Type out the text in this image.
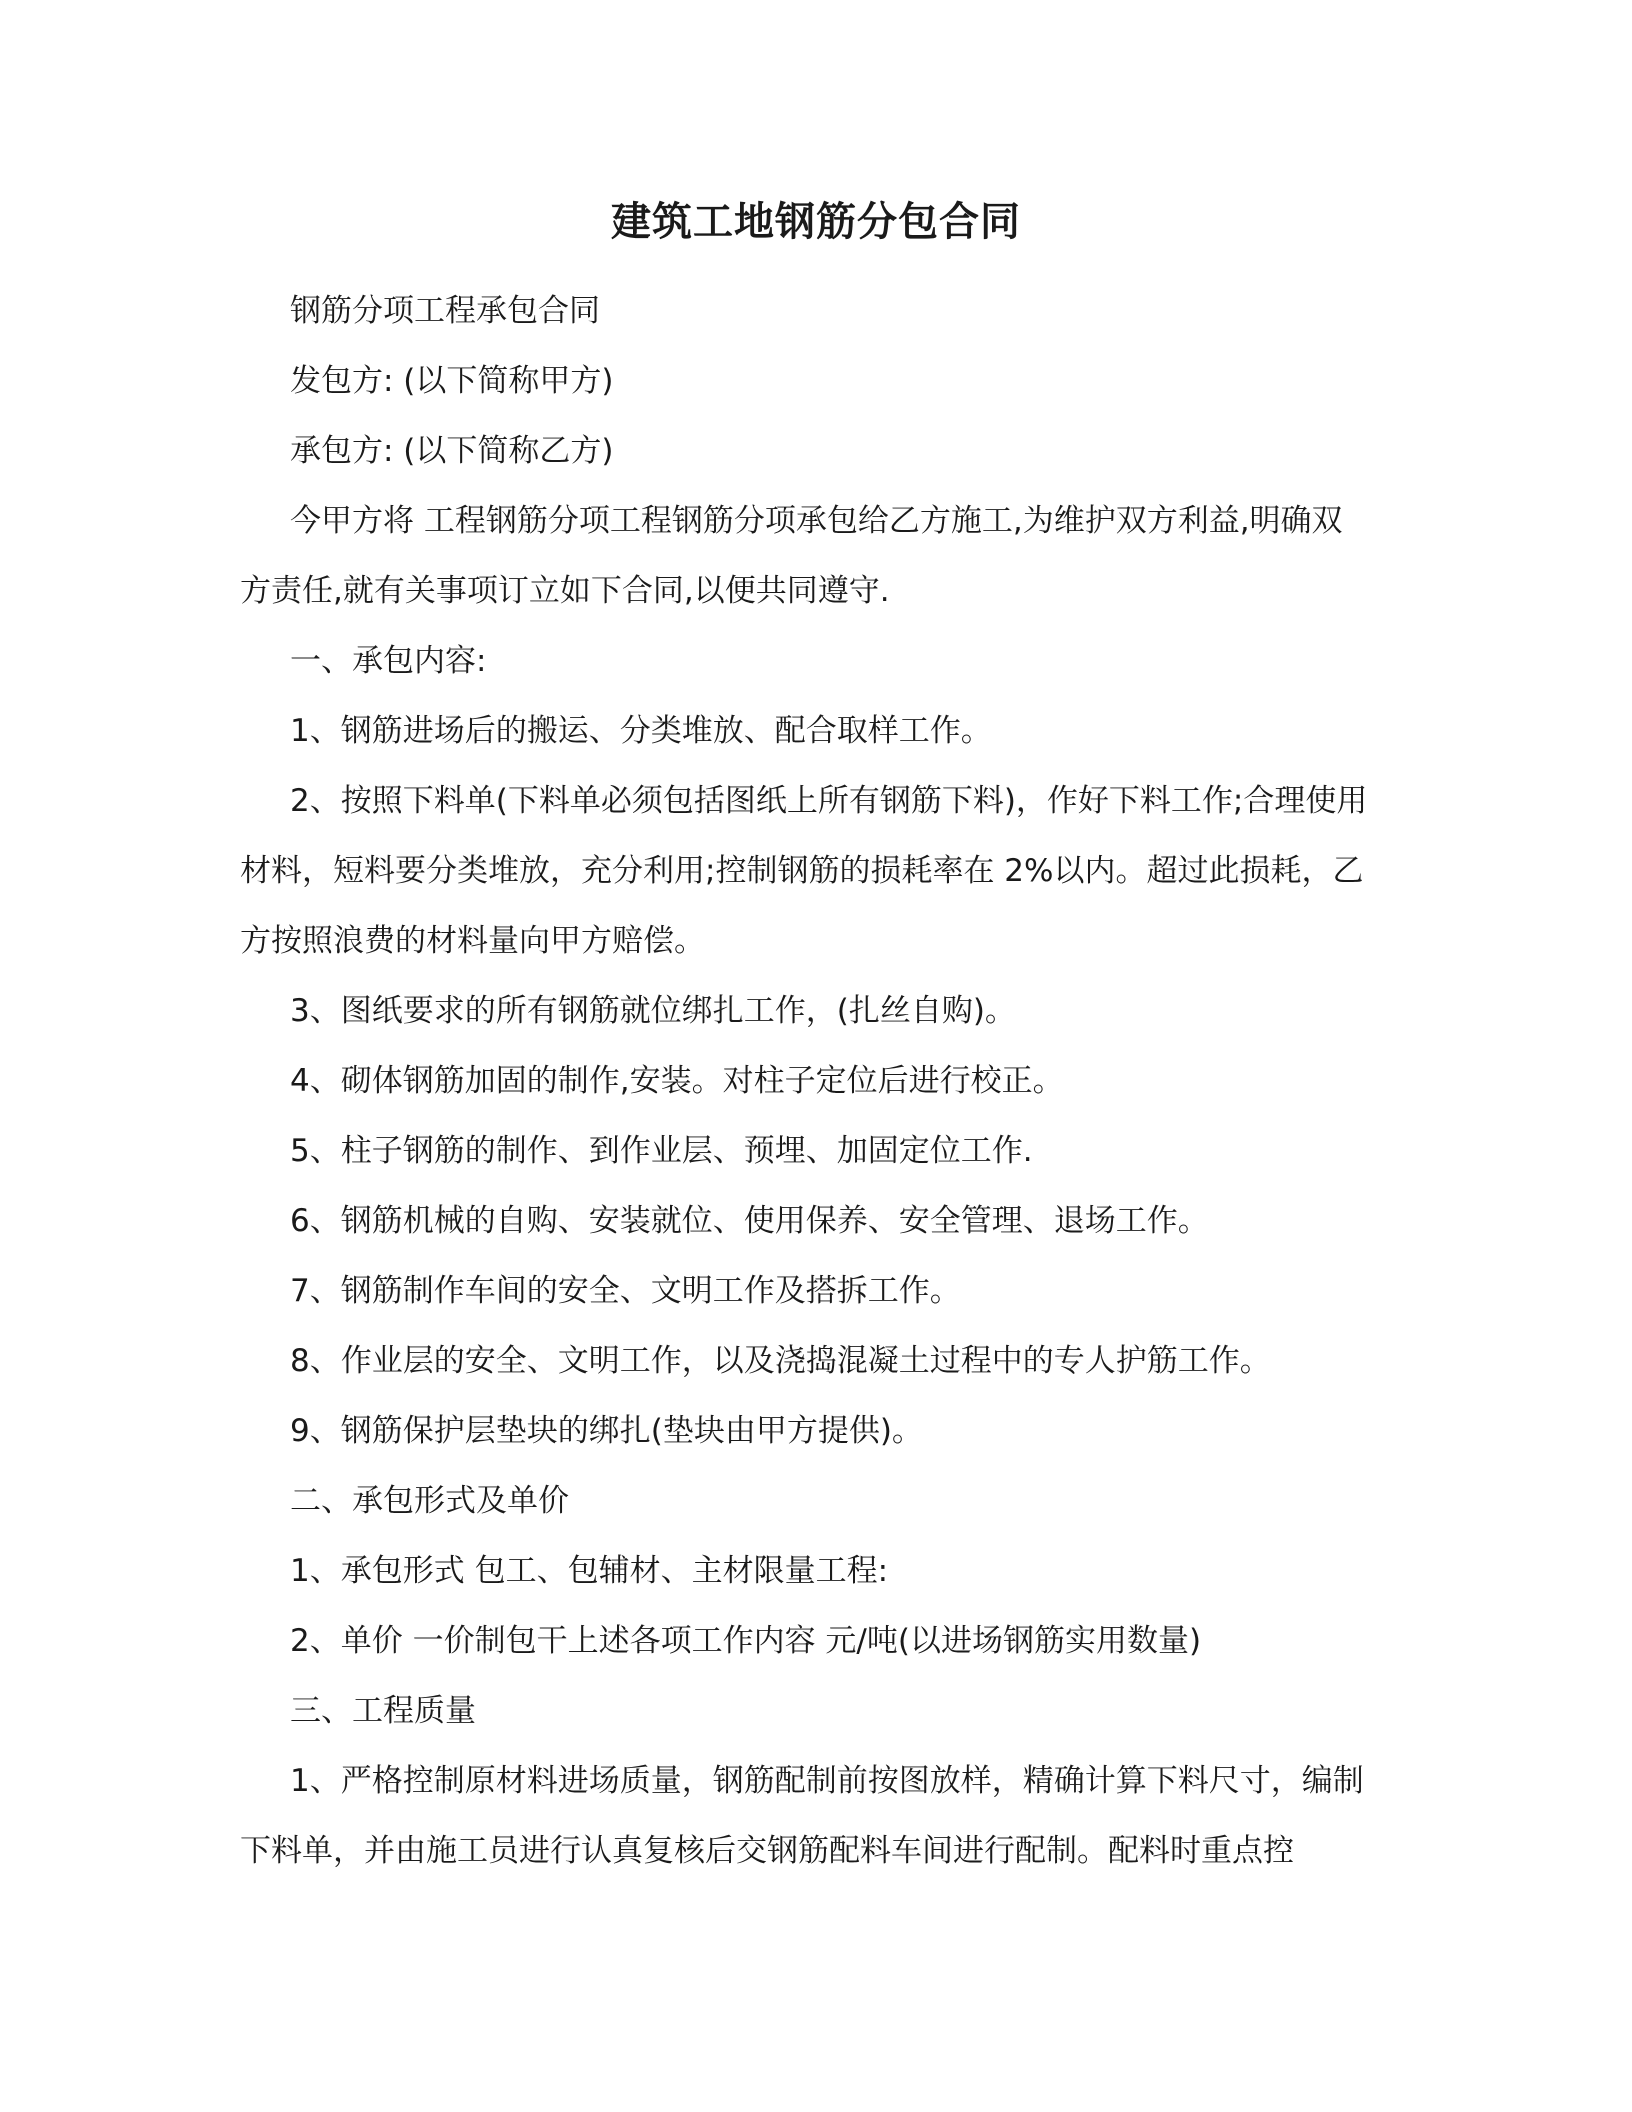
建筑工地钢筋分包合同

钢筋分项工程承包合同

发包方: (以下简称甲方)

承包方: (以下简称乙方)

今甲方将 工程钢筋分项工程钢筋分项承包给乙方施工,为维护双方利益,明确双方责任,就有关事项订立如下合同,以便共同遵守.

一、承包内容:

1、钢筋进场后的搬运、分类堆放、配合取样工作。

2、按照下料单(下料单必须包括图纸上所有钢筋下料)，作好下料工作;合理使用材料，短料要分类堆放，充分利用;控制钢筋的损耗率在 2%以内。超过此损耗，乙方按照浪费的材料量向甲方赔偿。

3、图纸要求的所有钢筋就位绑扎工作，(扎丝自购)。

4、砌体钢筋加固的制作,安装。对柱子定位后进行校正。

5、柱子钢筋的制作、到作业层、预埋、加固定位工作.

6、钢筋机械的自购、安装就位、使用保养、安全管理、退场工作。

7、钢筋制作车间的安全、文明工作及搭拆工作。

8、作业层的安全、文明工作，以及浇捣混凝土过程中的专人护筋工作。

9、钢筋保护层垫块的绑扎(垫块由甲方提供)。

二、承包形式及单价

1、承包形式 包工、包辅材、主材限量工程:

2、单价 一价制包干上述各项工作内容 元/吨(以进场钢筋实用数量)

三、工程质量

1、严格控制原材料进场质量，钢筋配制前按图放样，精确计算下料尺寸，编制下料单，并由施工员进行认真复核后交钢筋配料车间进行配制。配料时重点控
